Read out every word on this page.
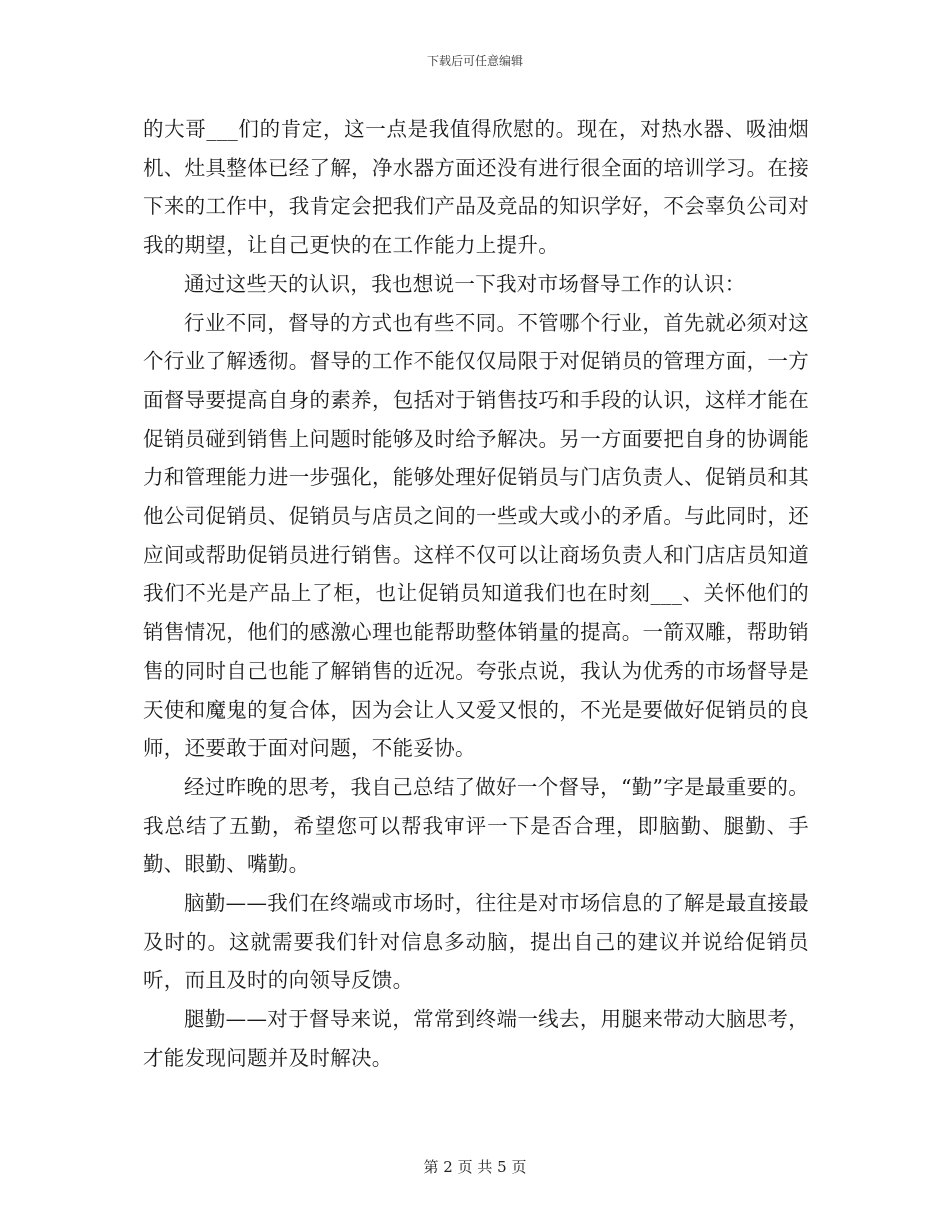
下载后可任意编辑

的大哥___们的肯定，这一点是我值得欣慰的。现在，对热水器、吸油烟机、灶具整体已经了解，净水器方面还没有进行很全面的培训学习。在接下来的工作中，我肯定会把我们产品及竞品的知识学好，不会辜负公司对我的期望，让自己更快的在工作能力上提升。

通过这些天的认识，我也想说一下我对市场督导工作的认识：

行业不同，督导的方式也有些不同。不管哪个行业，首先就必须对这个行业了解透彻。督导的工作不能仅仅局限于对促销员的管理方面，一方面督导要提高自身的素养，包括对于销售技巧和手段的认识，这样才能在促销员碰到销售上问题时能够及时给予解决。另一方面要把自身的协调能力和管理能力进一步强化，能够处理好促销员与门店负责人、促销员和其他公司促销员、促销员与店员之间的一些或大或小的矛盾。与此同时，还应间或帮助促销员进行销售。这样不仅可以让商场负责人和门店店员知道我们不光是产品上了柜，也让促销员知道我们也在时刻___、关怀他们的销售情况，他们的感激心理也能帮助整体销量的提高。一箭双雕，帮助销售的同时自己也能了解销售的近况。夸张点说，我认为优秀的市场督导是天使和魔鬼的复合体，因为会让人又爱又恨的，不光是要做好促销员的良师，还要敢于面对问题，不能妥协。

经过昨晚的思考，我自己总结了做好一个督导，“勤”字是最重要的。我总结了五勤，希望您可以帮我审评一下是否合理，即脑勤、腿勤、手勤、眼勤、嘴勤。

脑勤——我们在终端或市场时，往往是对市场信息的了解是最直接最及时的。这就需要我们针对信息多动脑，提出自己的建议并说给促销员听，而且及时的向领导反馈。

腿勤——对于督导来说，常常到终端一线去，用腿来带动大脑思考，才能发现问题并及时解决。

第 2 页 共 5 页
